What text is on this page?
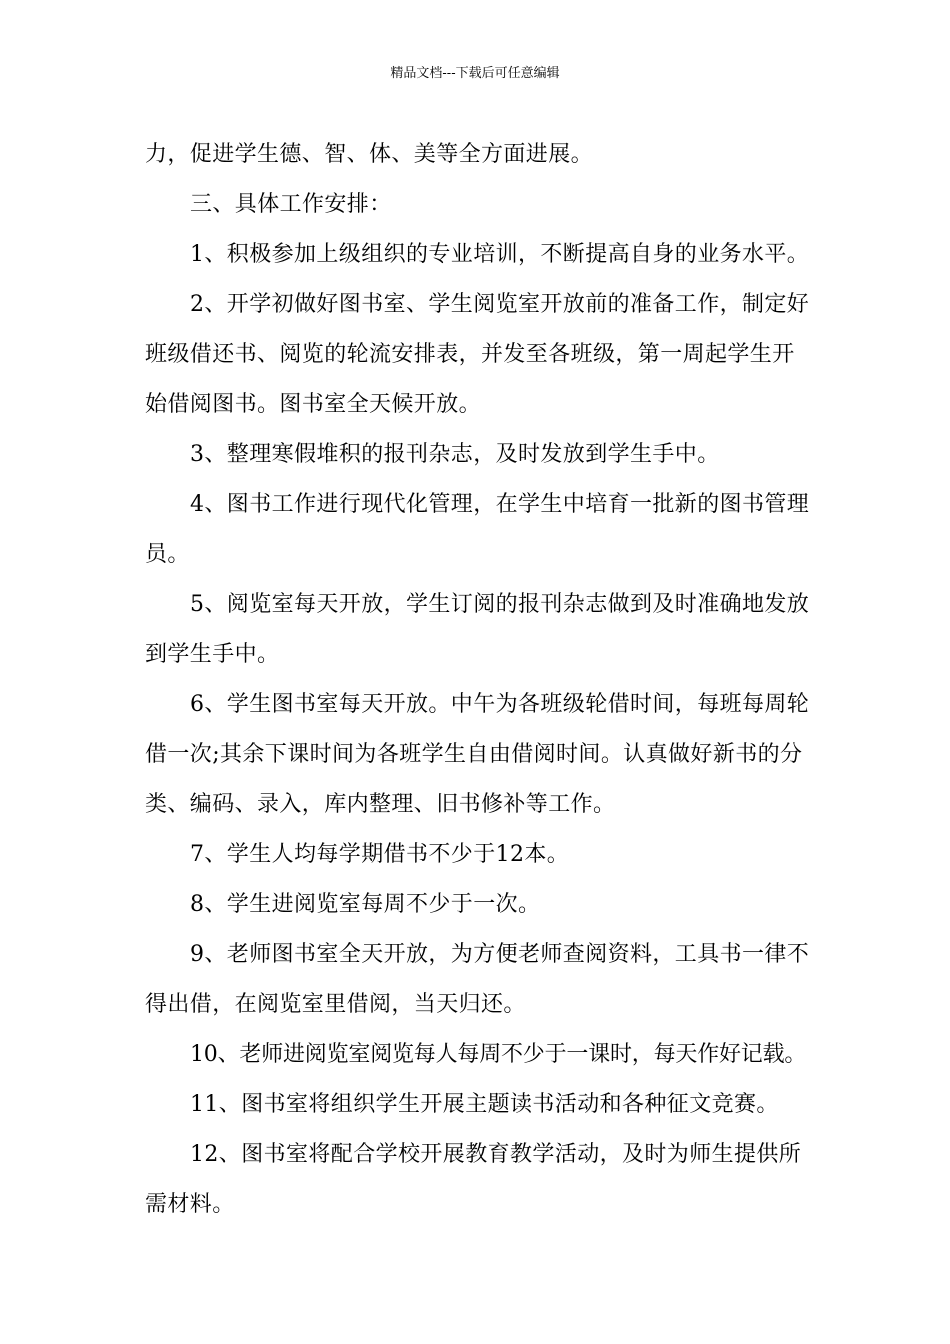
精品文档---下载后可任意编辑
力，促进学生德、智、体、美等全方面进展。
三、具体工作安排：
1、积极参加上级组织的专业培训，不断提高自身的业务水平。
2、开学初做好图书室、学生阅览室开放前的准备工作，制定好
班级借还书、阅览的轮流安排表，并发至各班级，第一周起学生开
始借阅图书。图书室全天候开放。
3、整理寒假堆积的报刊杂志，及时发放到学生手中。
4、图书工作进行现代化管理，在学生中培育一批新的图书管理
员。
5、阅览室每天开放，学生订阅的报刊杂志做到及时准确地发放
到学生手中。
6、学生图书室每天开放。中午为各班级轮借时间，每班每周轮
借一次;其余下课时间为各班学生自由借阅时间。认真做好新书的分
类、编码、录入，库内整理、旧书修补等工作。
7、学生人均每学期借书不少于12本。
8、学生进阅览室每周不少于一次。
9、老师图书室全天开放，为方便老师查阅资料，工具书一律不
得出借，在阅览室里借阅，当天归还。
10、老师进阅览室阅览每人每周不少于一课时，每天作好记载。
11、图书室将组织学生开展主题读书活动和各种征文竞赛。
12、图书室将配合学校开展教育教学活动，及时为师生提供所
需材料。
